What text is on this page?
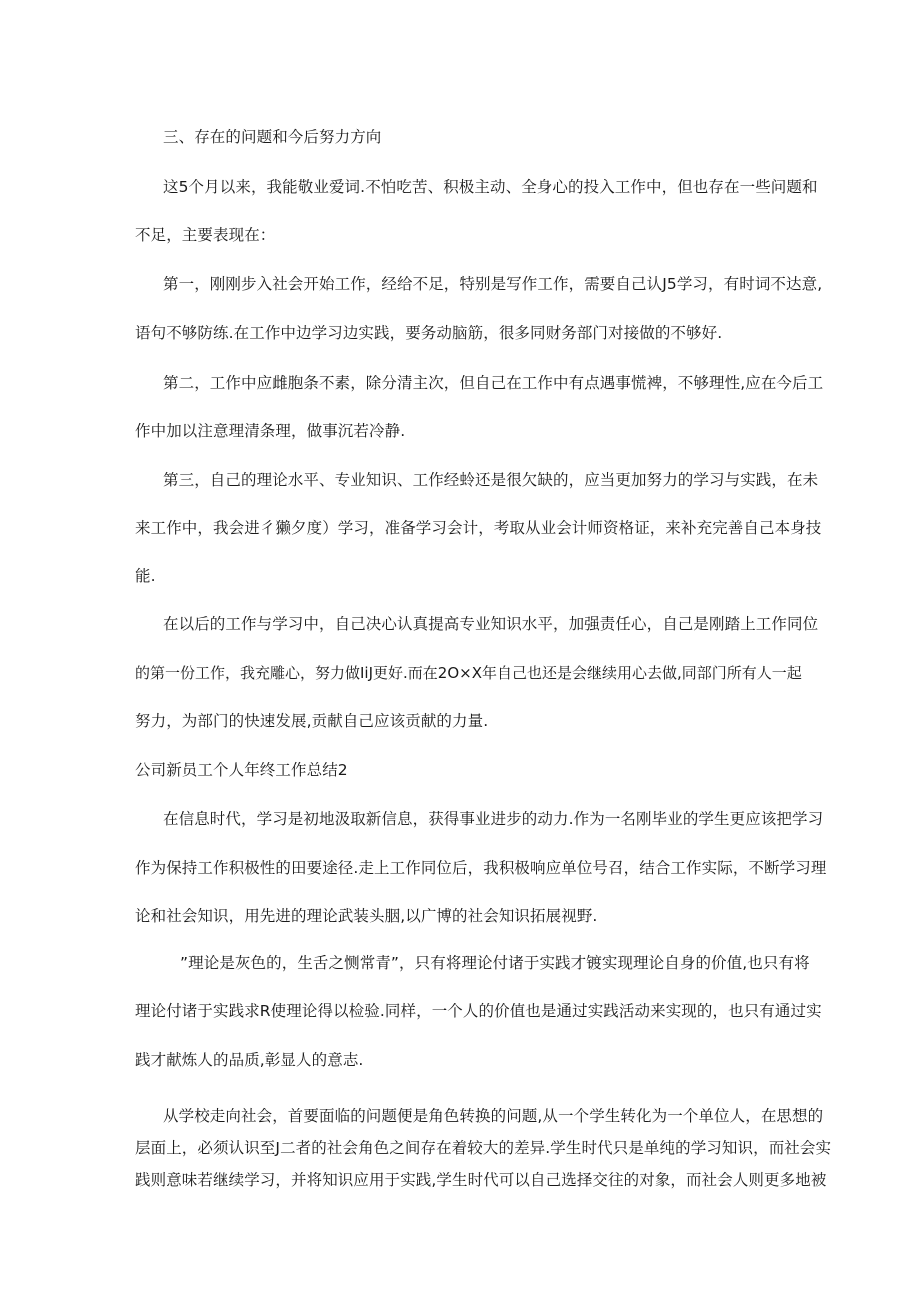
三、存在的问题和今后努力方向
这5个月以来，我能敬业爱词.不怕吃苦、积极主动、全身心的投入工作中，但也存在一些问题和
不足，主要表现在：
第一，刚刚步入社会开始工作，经给不足，特别是写作工作，需要自己认J5学习，有时词不达意,
语句不够防练.在工作中边学习边实践，要务动脑筋，很多同财务部门对接做的不够好.
第二，工作中应雌胞条不素，除分清主次，但自己在工作中有点遇事慌裨，不够理性,应在今后工
作中加以注意理清条理，做事沉若冷静.
第三，自己的理论水平、专业知识、工作经蛉还是很欠缺的，应当更加努力的学习与实践，在未
来工作中，我会进彳獭夕度）学习，准备学习会计，考取从业会计师资格证，来补充完善自己本身技
能.
在以后的工作与学习中，自己决心认真提高专业知识水平，加强责任心，自己是刚踏上工作同位
的第一份工作，我充雕心，努力做IiJ更好.而在2O×X年自己也还是会继续用心去做,同部门所有人一起
努力，为部门的快速发展,贡献自己应该贡献的力量.
公司新员工个人年终工作总结2
在信息时代，学习是初地汲取新信息，获得事业进步的动力.作为一名刚毕业的学生更应该把学习
作为保持工作积极性的田要途径.走上工作同位后，我积极响应单位号召，结合工作实际，不断学习理
论和社会知识，用先进的理论武装头胭,以广博的社会知识拓展视野.
”理论是灰色的，生舌之恻常青”，只有将理论付诸于实践才镀实现理论自身的价值,也只有将
理论付诸于实践求R使理论得以检验.同样，一个人的价值也是通过实践活动来实现的，也只有通过实
践才献炼人的品质,彰显人的意志.
从学校走向社会，首要面临的问题便是角色转换的问题,从一个学生转化为一个单位人，在思想的
层面上，必须认识至J二者的社会角色之间存在着较大的差异.学生时代只是单纯的学习知识，而社会实
践则意味若继续学习，并将知识应用于实践,学生时代可以自己选择交往的对象，而社会人则更多地被
